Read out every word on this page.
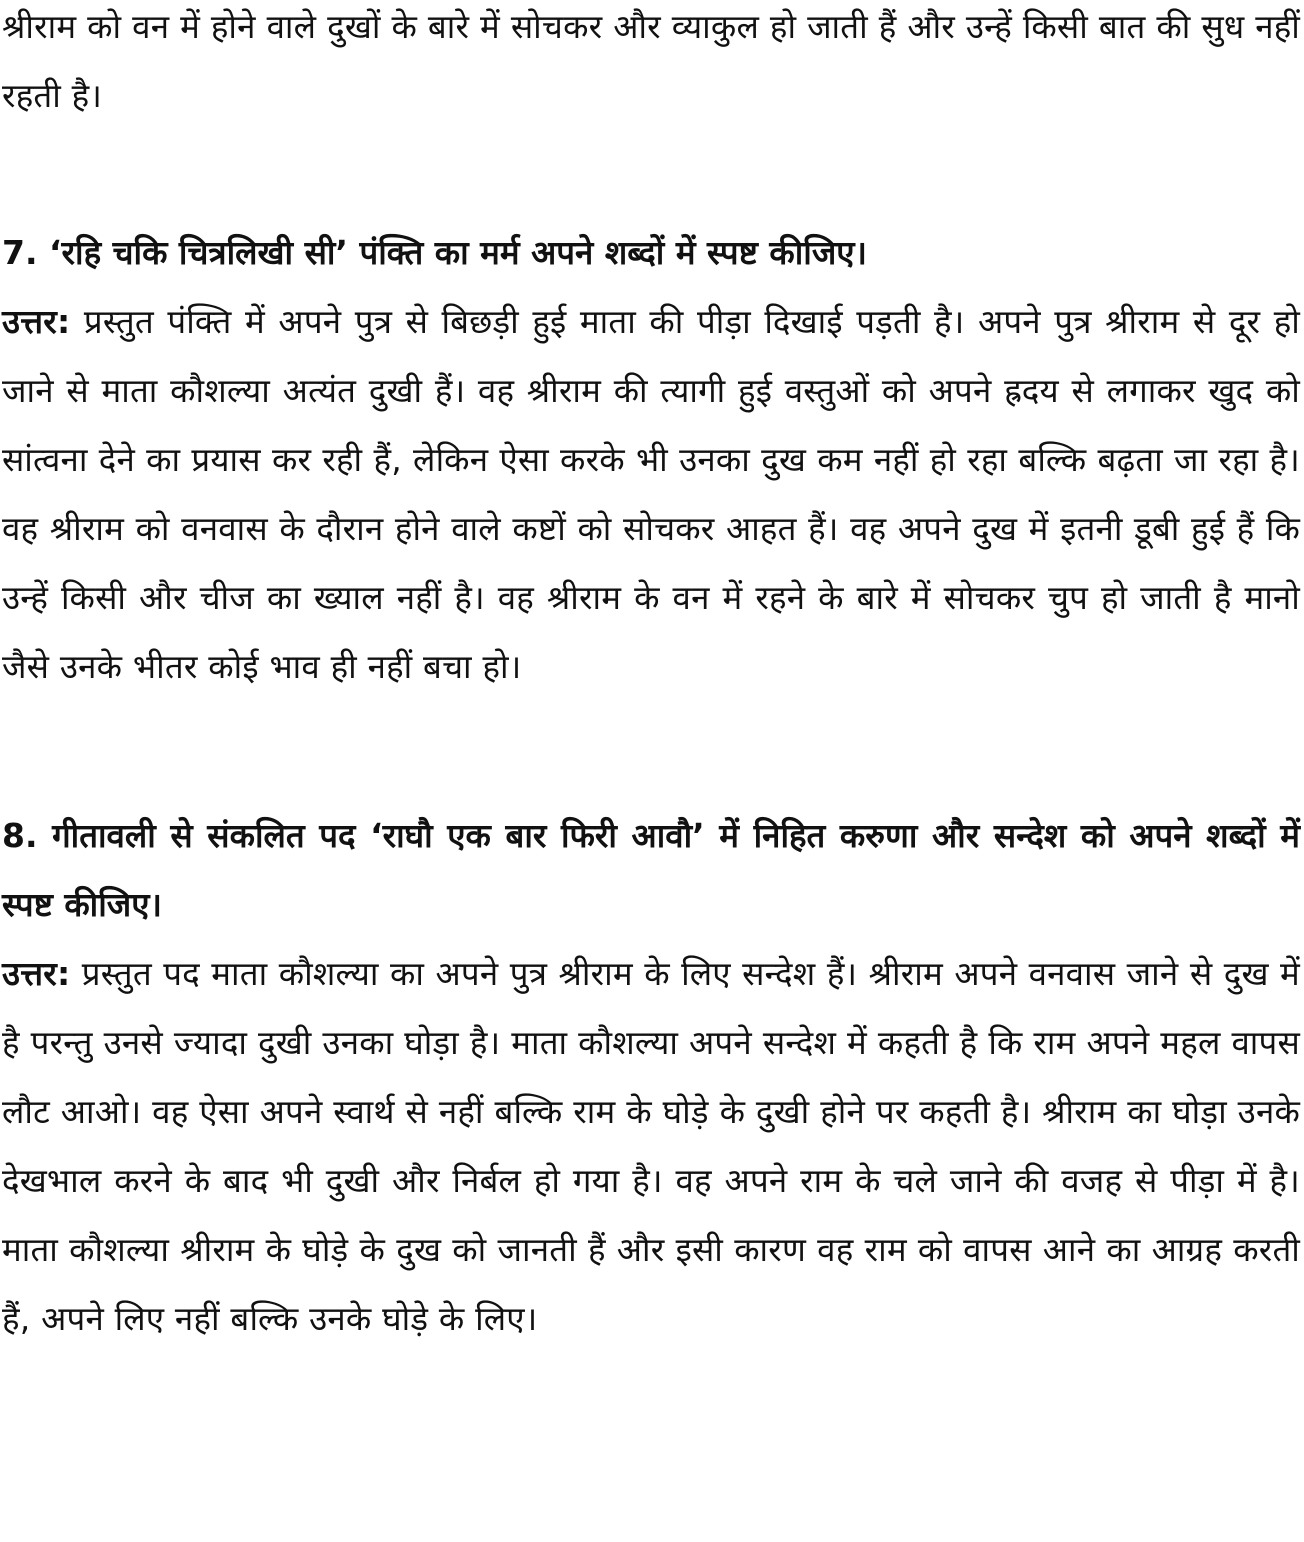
श्रीराम को वन में होने वाले दुखों के बारे में सोचकर और व्याकुल हो जाती हैं और उन्हें किसी बात की सुध नहीं रहती है।

7. ‘रहि चकि चित्रलिखी सी’ पंक्ति का मर्म अपने शब्दों में स्पष्ट कीजिए।

उत्तर: प्रस्तुत पंक्ति में अपने पुत्र से बिछड़ी हुई माता की पीड़ा दिखाई पड़ती है। अपने पुत्र श्रीराम से दूर हो जाने से माता कौशल्या अत्यंत दुखी हैं। वह श्रीराम की त्यागी हुई वस्तुओं को अपने ह्रदय से लगाकर खुद को सांत्वना देने का प्रयास कर रही हैं, लेकिन ऐसा करके भी उनका दुख कम नहीं हो रहा बल्कि बढ़ता जा रहा है। वह श्रीराम को वनवास के दौरान होने वाले कष्टों को सोचकर आहत हैं। वह अपने दुख में इतनी डूबी हुई हैं कि उन्हें किसी और चीज का ख्याल नहीं है। वह श्रीराम के वन में रहने के बारे में सोचकर चुप हो जाती है मानो जैसे उनके भीतर कोई भाव ही नहीं बचा हो।

8. गीतावली से संकलित पद ‘राघौ एक बार फिरी आवौ’ में निहित करुणा और सन्देश को अपने शब्दों में स्पष्ट कीजिए।

उत्तर: प्रस्तुत पद माता कौशल्या का अपने पुत्र श्रीराम के लिए सन्देश हैं। श्रीराम अपने वनवास जाने से दुख में है परन्तु उनसे ज्यादा दुखी उनका घोड़ा है। माता कौशल्या अपने सन्देश में कहती है कि राम अपने महल वापस लौट आओ। वह ऐसा अपने स्वार्थ से नहीं बल्कि राम के घोड़े के दुखी होने पर कहती है। श्रीराम का घोड़ा उनके देखभाल करने के बाद भी दुखी और निर्बल हो गया है। वह अपने राम के चले जाने की वजह से पीड़ा में है। माता कौशल्या श्रीराम के घोड़े के दुख को जानती हैं और इसी कारण वह राम को वापस आने का आग्रह करती हैं, अपने लिए नहीं बल्कि उनके घोड़े के लिए।
